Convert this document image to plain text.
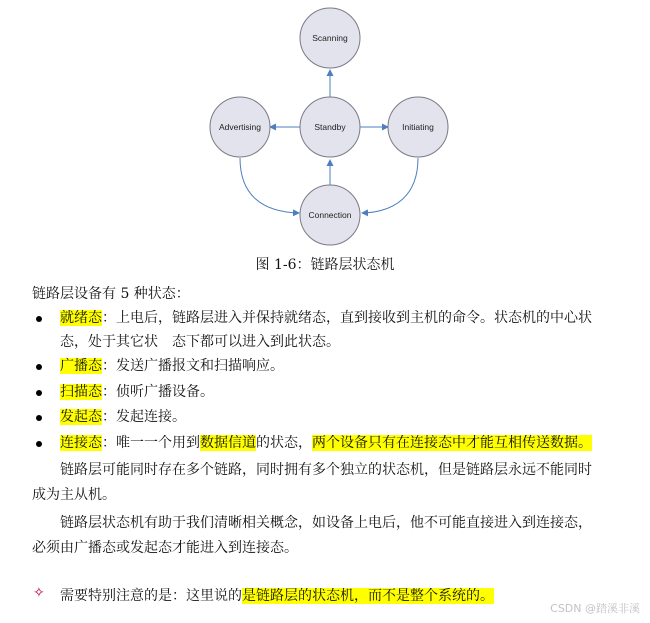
Scanning
Advertising	Standby	Initiating
Connection
图 1-6：链路层状态机
链路层设备有 5 种状态：
就绪态：上电后，链路层进入并保持就绪态，直到接收到主机的命令。状态机的中心状
态，处于其它状　态下都可以进入到此状态。
广播态：发送广播报文和扫描响应。
扫描态：侦听广播设备。
发起态：发起连接。
连接态：唯一一个用到数据信道的状态，两个设备只有在连接态中才能互相传送数据。
链路层可能同时存在多个链路，同时拥有多个独立的状态机，但是链路层永远不能同时
成为主从机。
链路层状态机有助于我们清晰相关概念，如设备上电后，他不可能直接进入到连接态，
必须由广播态或发起态才能进入到连接态。
✧ 需要特别注意的是：这里说的是链路层的状态机，而不是整个系统的。
CSDN @踏溪非溪
